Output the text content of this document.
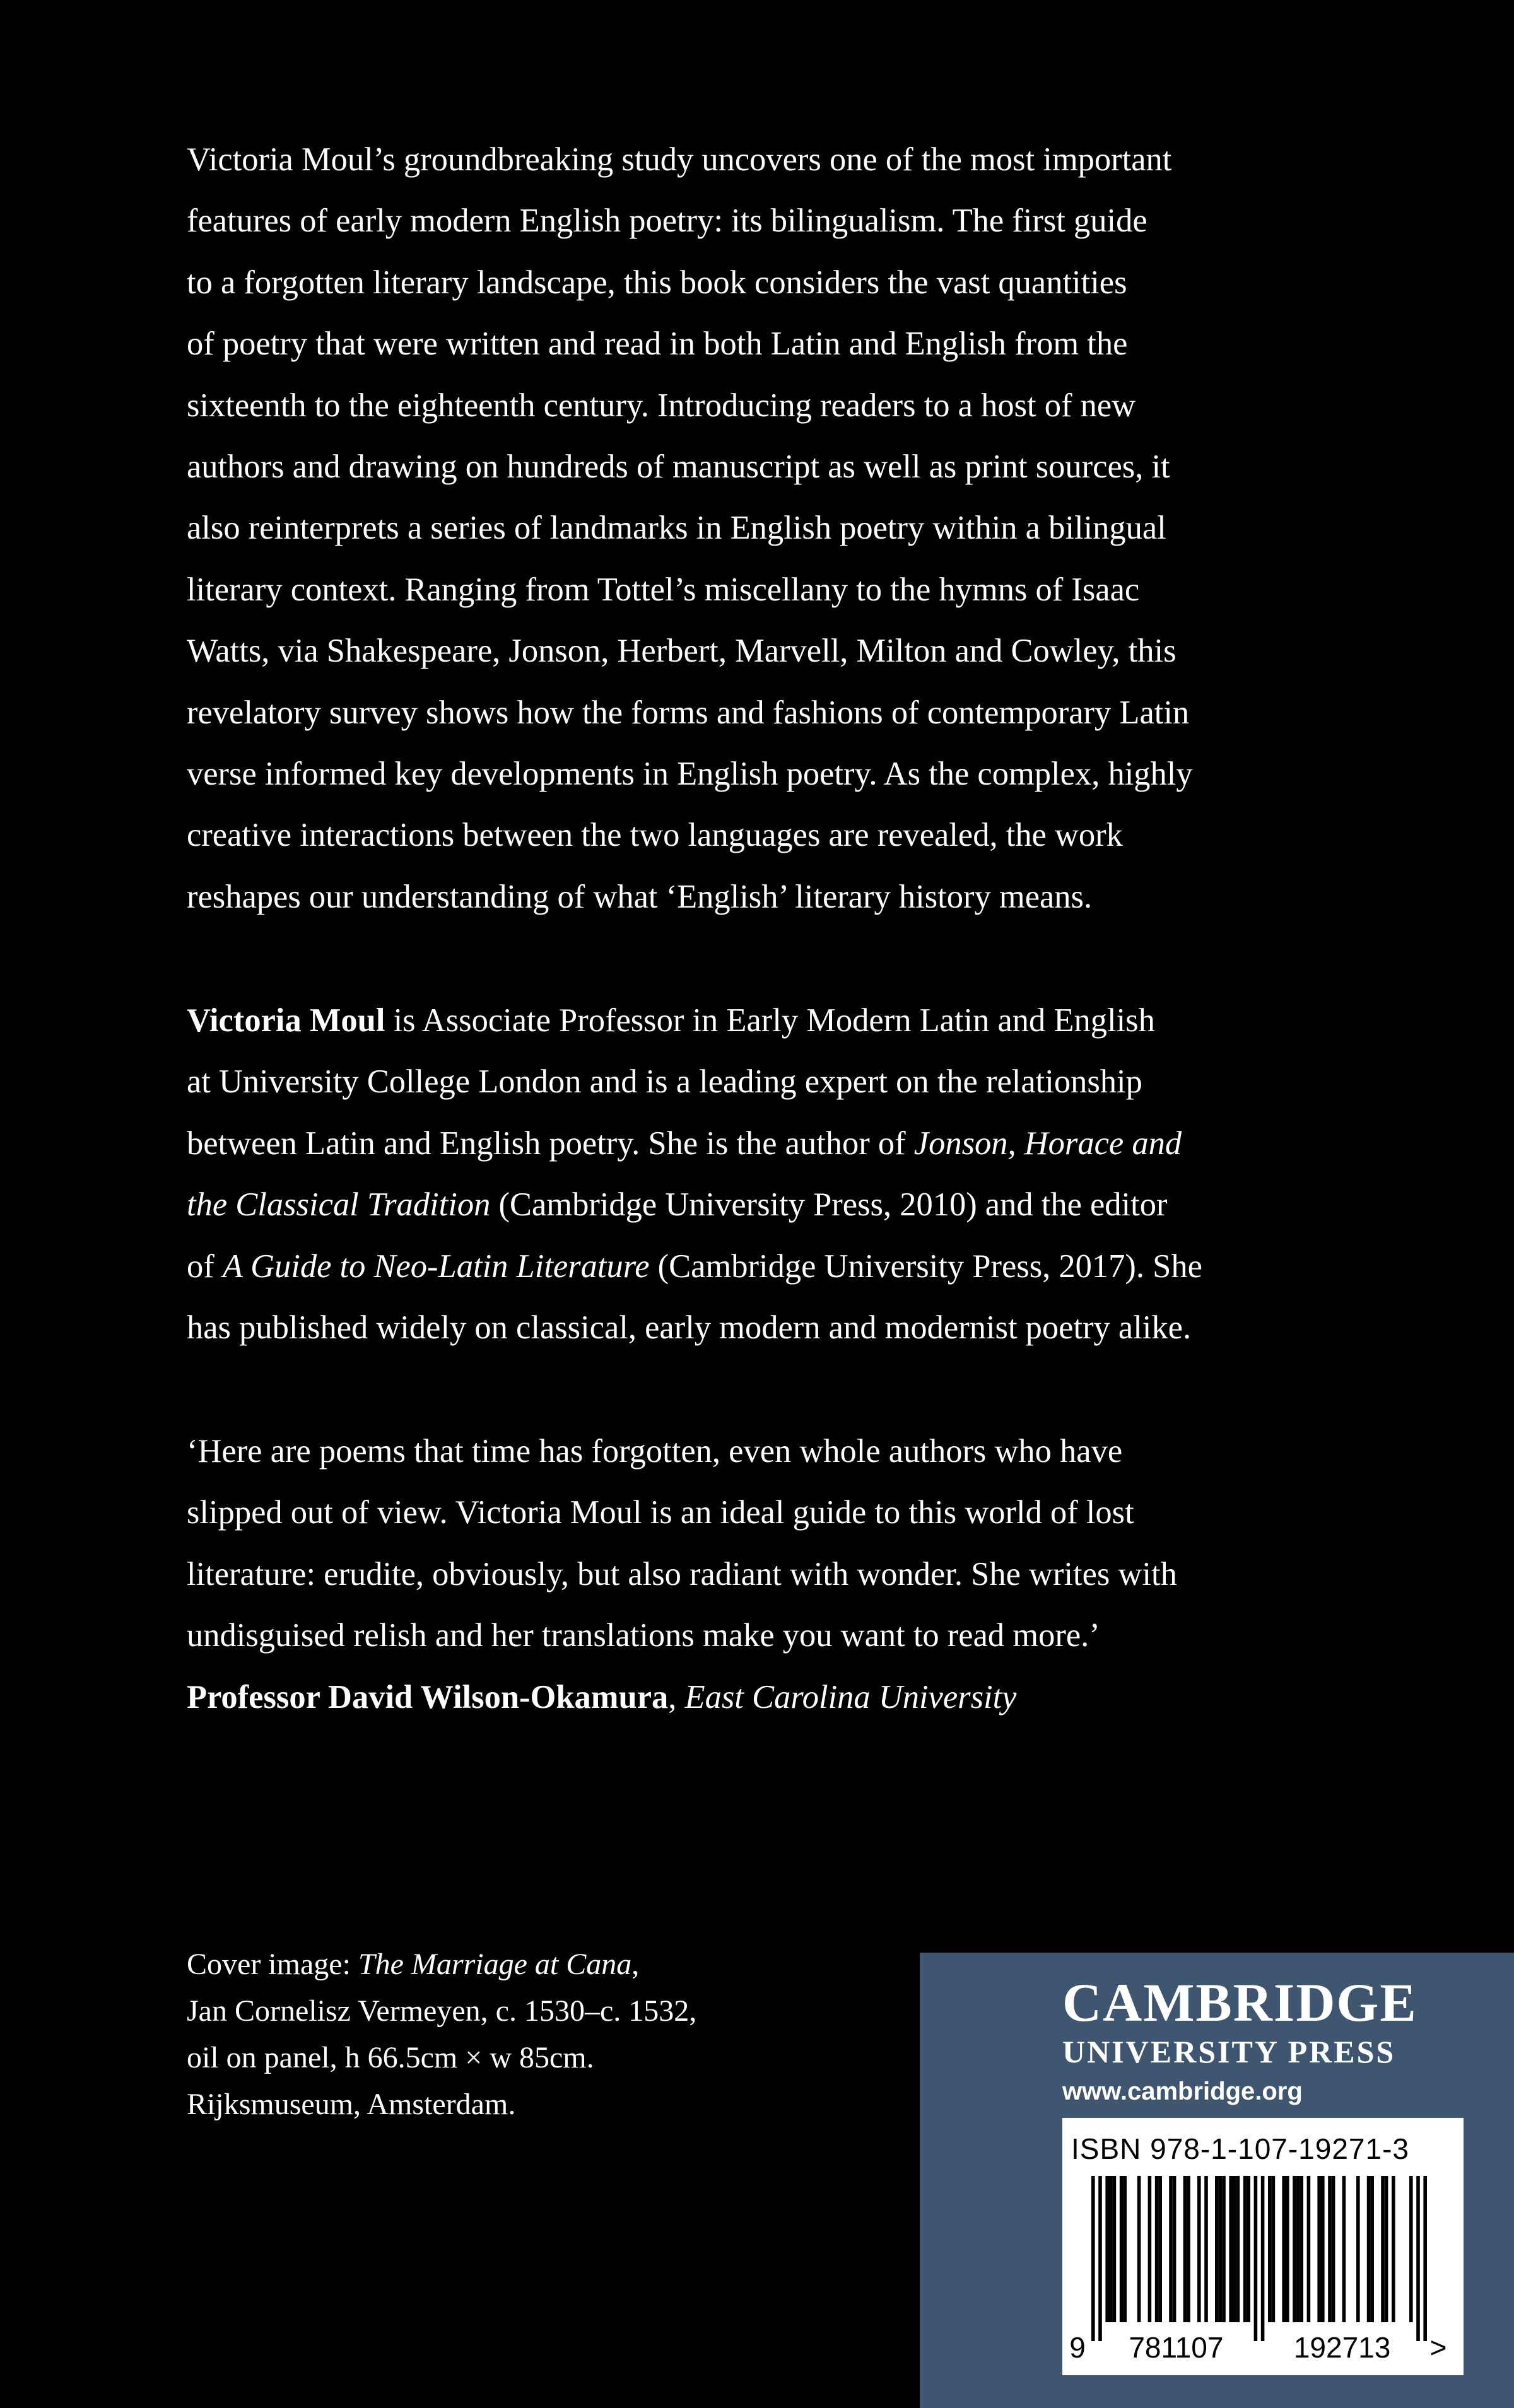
Victoria Moul’s groundbreaking study uncovers one of the most important

features of early modern English poetry: its bilingualism. The first guide

to a forgotten literary landscape, this book considers the vast quantities

of poetry that were written and read in both Latin and English from the

sixteenth to the eighteenth century. Introducing readers to a host of new

authors and drawing on hundreds of manuscript as well as print sources, it

also reinterprets a series of landmarks in English poetry within a bilingual

literary context. Ranging from Tottel’s miscellany to the hymns of Isaac

Watts, via Shakespeare, Jonson, Herbert, Marvell, Milton and Cowley, this

revelatory survey shows how the forms and fashions of contemporary Latin

verse informed key developments in English poetry. As the complex, highly

creative interactions between the two languages are revealed, the work

reshapes our understanding of what ‘English’ literary history means.

Victoria Moul is Associate Professor in Early Modern Latin and English

at University College London and is a leading expert on the relationship

between Latin and English poetry. She is the author of Jonson, Horace and

the Classical Tradition (Cambridge University Press, 2010) and the editor

of A Guide to Neo-Latin Literature (Cambridge University Press, 2017). She

has published widely on classical, early modern and modernist poetry alike.

‘Here are poems that time has forgotten, even whole authors who have

slipped out of view. Victoria Moul is an ideal guide to this world of lost

literature: erudite, obviously, but also radiant with wonder. She writes with

undisguised relish and her translations make you want to read more.’

Professor David Wilson-Okamura, East Carolina University

Cover image: The Marriage at Cana,
Jan Cornelisz Vermeyen, c. 1530–c. 1532,
oil on panel, h 66.5cm × w 85cm.
Rijksmuseum, Amsterdam.
CAMBRIDGE
UNIVERSITY PRESS
www.cambridge.org
9 781107 192713 >
ISBN 978-1-107-19271-3
